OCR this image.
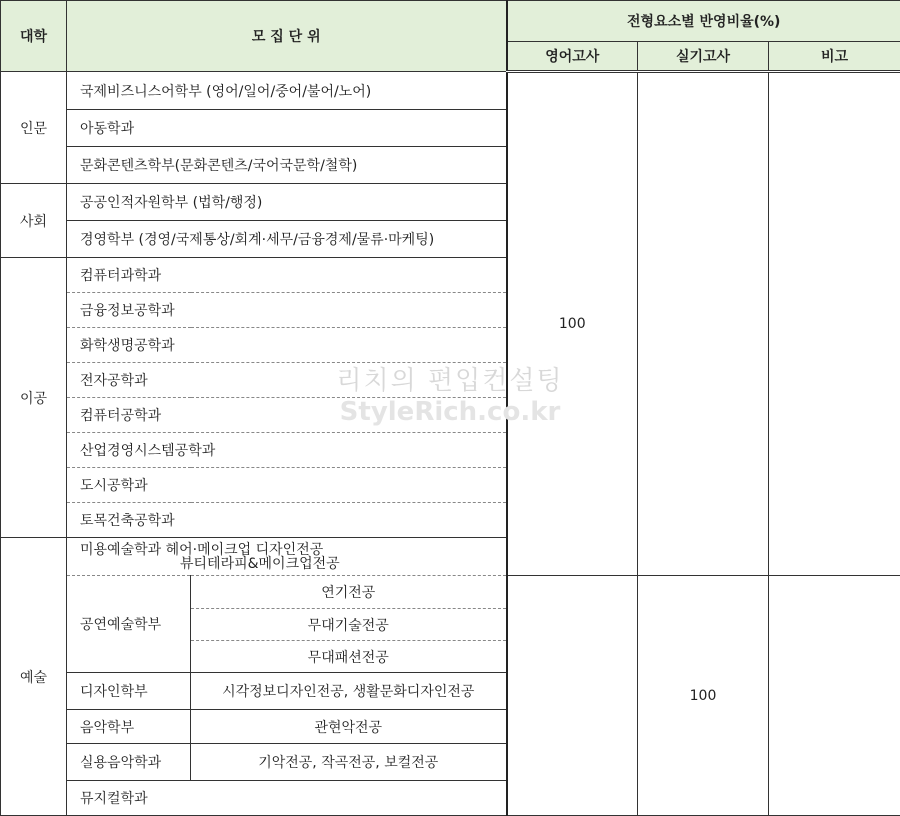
대학	모 집 단 위		전형요소별 반영비율(%)		
			영어고사	실기고사	비고
인문	국제비즈니스어학부 (영어/일어/중어/불어/노어)		100		
	아동학과				
	문화콘텐츠학부(문화콘텐츠/국어국문학/철학)				
사회	공공인적자원학부 (법학/행정)				
	경영학부 (경영/국제통상/회계·세무/금융경제/물류·마케팅)				
이공	컴퓨터과학과				
	금융정보공학과				
	화학생명공학과				
	전자공학과				
	컴퓨터공학과				
	산업경영시스템공학과				
	도시공학과				
	토목건축공학과				
예술	미용예술학과 헤어·메이크업 디자인전공
뷰티테라피&메이크업전공				

	공연예술학부	연기전공		100	
		무대기술전공			
		무대패션전공			
	디자인학부	시각정보디자인전공, 생활문화디자인전공			
	음악학부	관현악전공			
	실용음악학과	기악전공, 작곡전공, 보컬전공			
	뮤지컬학과				
리치의 편입컨설팅
StyleRich.co.kr
